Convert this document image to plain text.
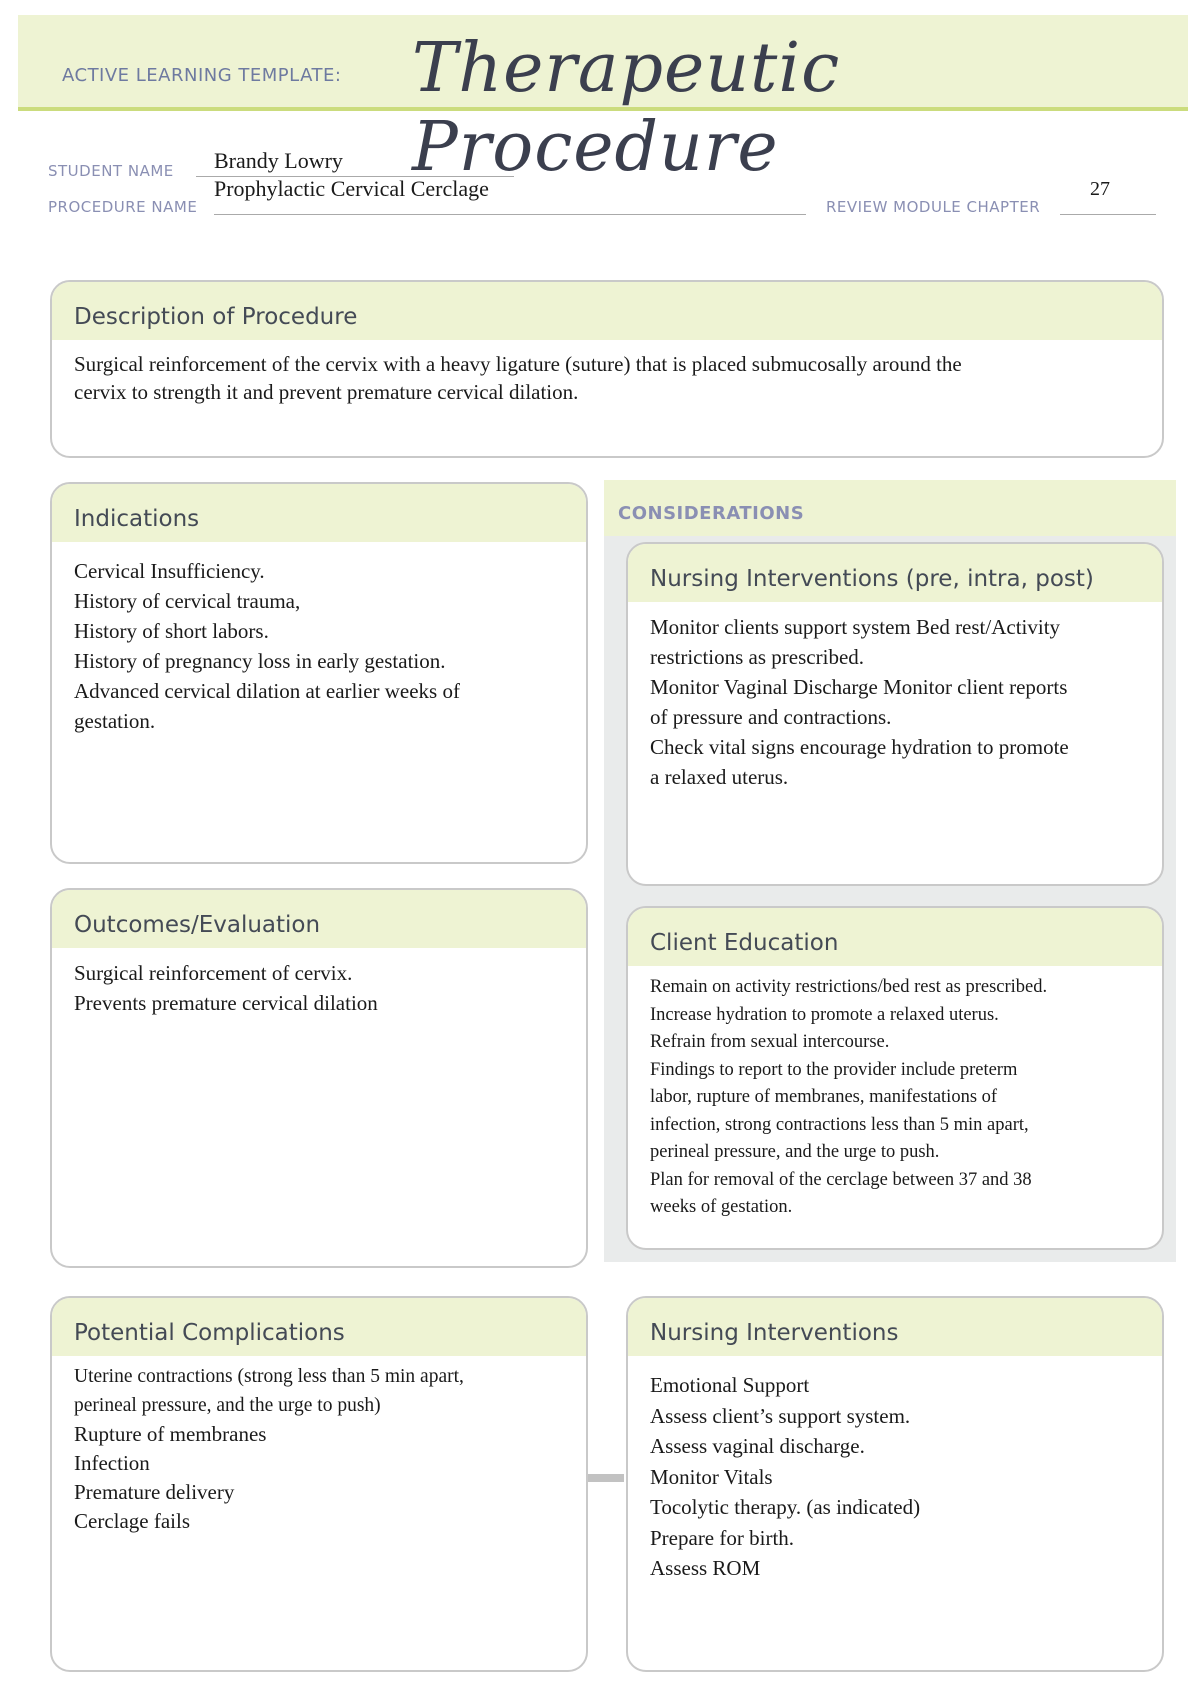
ACTIVE LEARNING TEMPLATE: Therapeutic Procedure
STUDENT NAME Brandy Lowry
PROCEDURE NAME
Prophylactic Cervical Cerclage
REVIEW MODULE CHAPTER
27
Description of Procedure
Surgical reinforcement of the cervix with a heavy ligature (suture) that is placed submucosally around the
cervix to strength it and prevent premature cervical dilation.
Indications
Cervical Insufficiency.
History of cervical trauma,
History of short labors.
History of pregnancy loss in early gestation.
Advanced cervical dilation at earlier weeks of
gestation.
CONSIDERATIONS
Nursing Interventions (pre, intra, post)
Monitor clients support system Bed rest/Activity
restrictions as prescribed.
Monitor Vaginal Discharge Monitor client reports
of pressure and contractions.
Check vital signs encourage hydration to promote
a relaxed uterus.
Outcomes/Evaluation
Surgical reinforcement of cervix.
Prevents premature cervical dilation
Client Education
Remain on activity restrictions/bed rest as prescribed.
Increase hydration to promote a relaxed uterus.
Refrain from sexual intercourse.
Findings to report to the provider include preterm
labor, rupture of membranes, manifestations of
infection, strong contractions less than 5 min apart,
perineal pressure, and the urge to push.
Plan for removal of the cerclage between 37 and 38
weeks of gestation.
Potential Complications
Uterine contractions (strong less than 5 min apart,
perineal pressure, and the urge to push)
Rupture of membranes
Infection
Premature delivery
Cerclage fails
Nursing Interventions
Emotional Support
Assess client’s support system.
Assess vaginal discharge.
Monitor Vitals
Tocolytic therapy. (as indicated)
Prepare for birth.
Assess ROM
